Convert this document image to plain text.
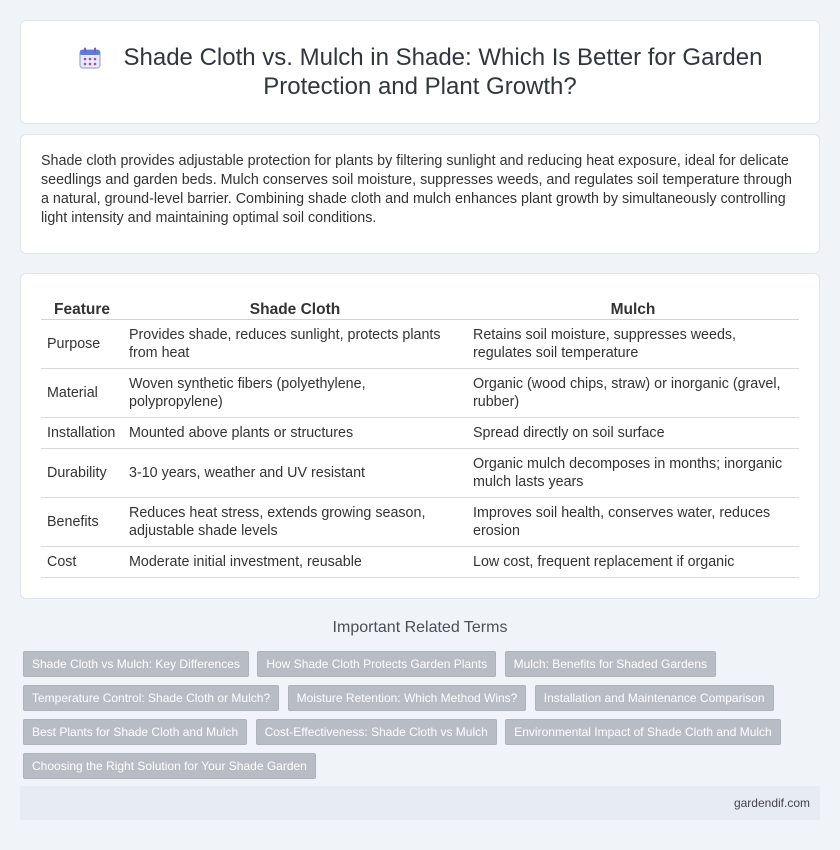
Shade Cloth vs. Mulch in Shade: Which Is Better for Garden Protection and Plant Growth?

Shade cloth provides adjustable protection for plants by filtering sunlight and reducing heat exposure, ideal for delicate seedlings and garden beds. Mulch conserves soil moisture, suppresses weeds, and regulates soil temperature through a natural, ground-level barrier. Combining shade cloth and mulch enhances plant growth by simultaneously controlling light intensity and maintaining optimal soil conditions.

Feature	Shade Cloth	Mulch
Purpose	Provides shade, reduces sunlight, protects plants from heat	Retains soil moisture, suppresses weeds, regulates soil temperature
Material	Woven synthetic fibers (polyethylene, polypropylene)	Organic (wood chips, straw) or inorganic (gravel, rubber)
Installation	Mounted above plants or structures	Spread directly on soil surface
Durability	3-10 years, weather and UV resistant	Organic mulch decomposes in months; inorganic mulch lasts years
Benefits	Reduces heat stress, extends growing season, adjustable shade levels	Improves soil health, conserves water, reduces erosion
Cost	Moderate initial investment, reusable	Low cost, frequent replacement if organic
Important Related Terms
Shade Cloth vs Mulch: Key Differences How Shade Cloth Protects Garden Plants Mulch: Benefits for Shaded Gardens Temperature Control: Shade Cloth or Mulch? Moisture Retention: Which Method Wins? Installation and Maintenance Comparison Best Plants for Shade Cloth and Mulch Cost-Effectiveness: Shade Cloth vs Mulch Environmental Impact of Shade Cloth and Mulch Choosing the Right Solution for Your Shade Garden
gardendif.com
